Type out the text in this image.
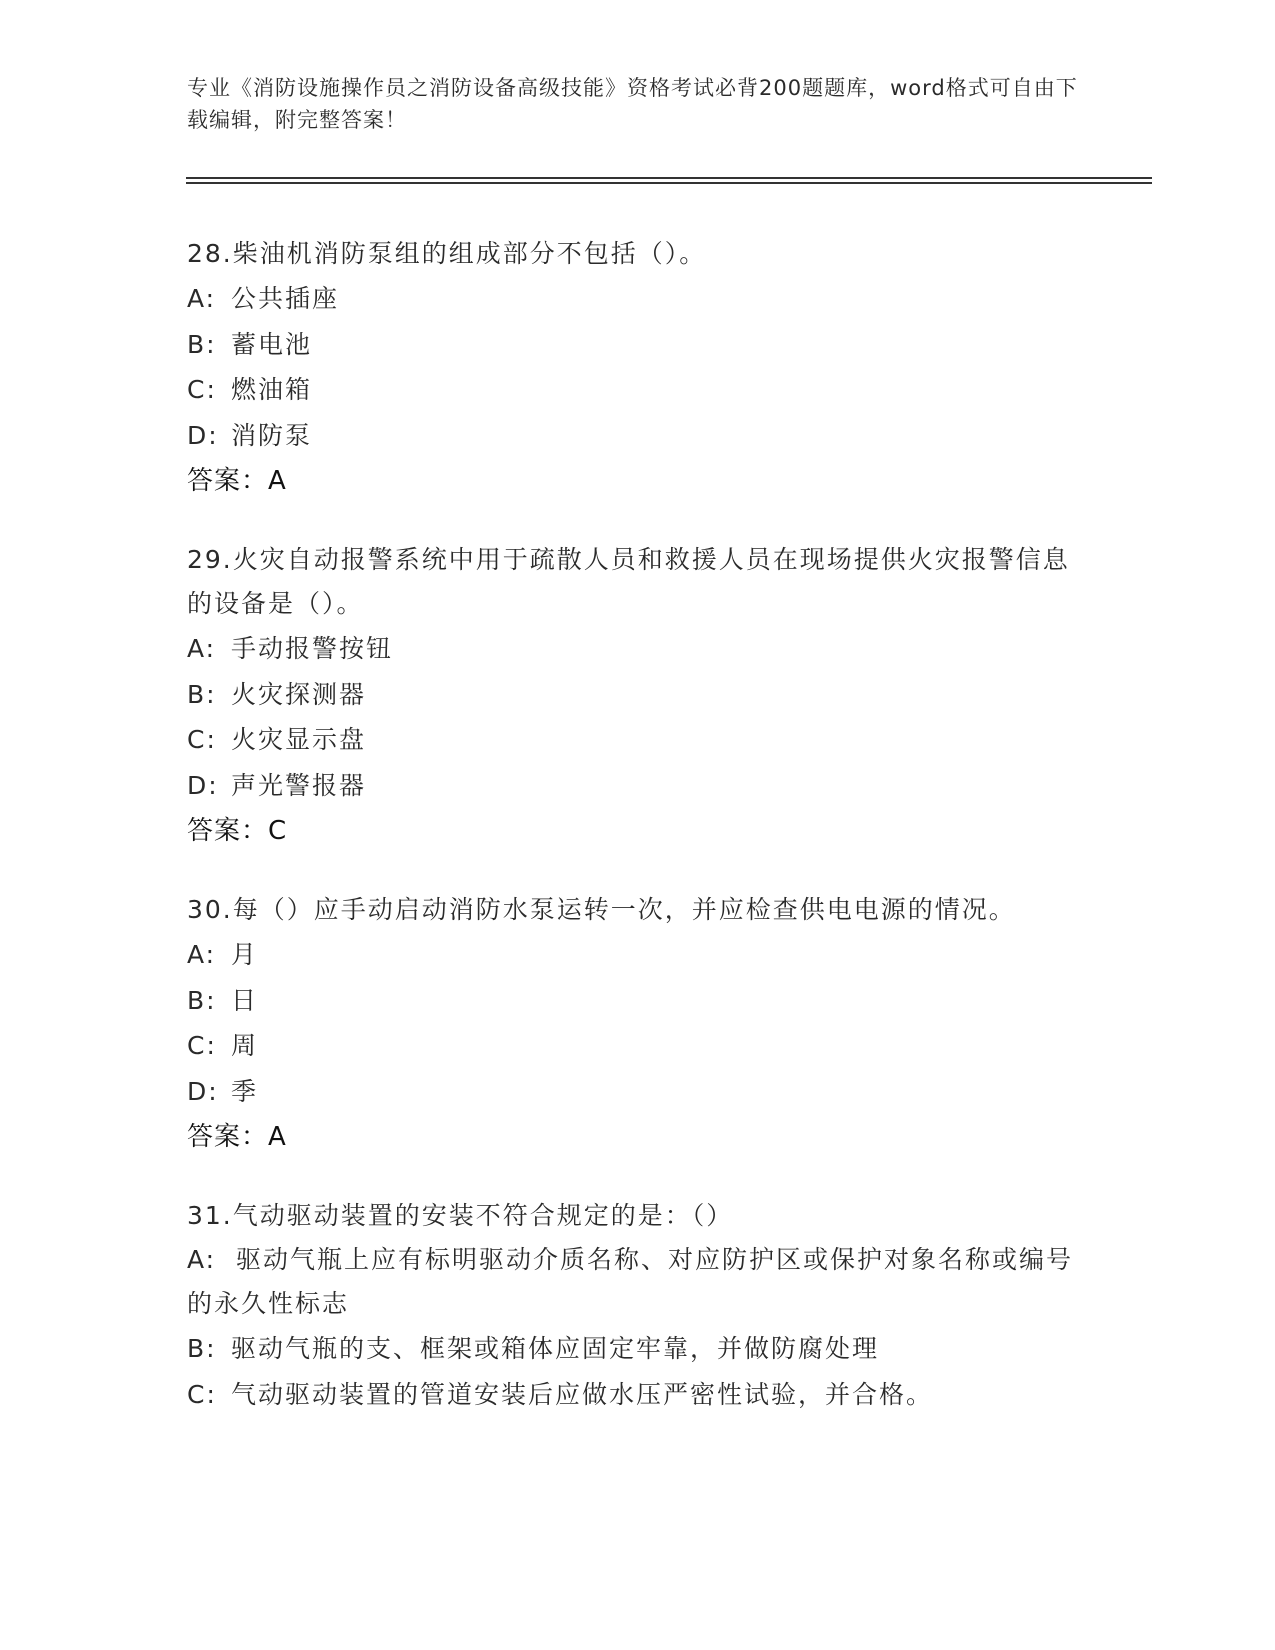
专业《消防设施操作员之消防设备高级技能》资格考试必背200题题库，word格式可自由下载编辑，附完整答案！
28.柴油机消防泵组的组成部分不包括（）。
A: 公共插座
B: 蓄电池
C: 燃油箱
D: 消防泵
答案：A
29.火灾自动报警系统中用于疏散人员和救援人员在现场提供火灾报警信息的设备是（）。
A: 手动报警按钮
B: 火灾探测器
C: 火灾显示盘
D: 声光警报器
答案：C
30.每（）应手动启动消防水泵运转一次，并应检查供电电源的情况。
A: 月
B: 日
C: 周
D: 季
答案：A
31.气动驱动装置的安装不符合规定的是：（）
A: 驱动气瓶上应有标明驱动介质名称、对应防护区或保护对象名称或编号的永久性标志
B: 驱动气瓶的支、框架或箱体应固定牢靠，并做防腐处理
C: 气动驱动装置的管道安装后应做水压严密性试验，并合格。
